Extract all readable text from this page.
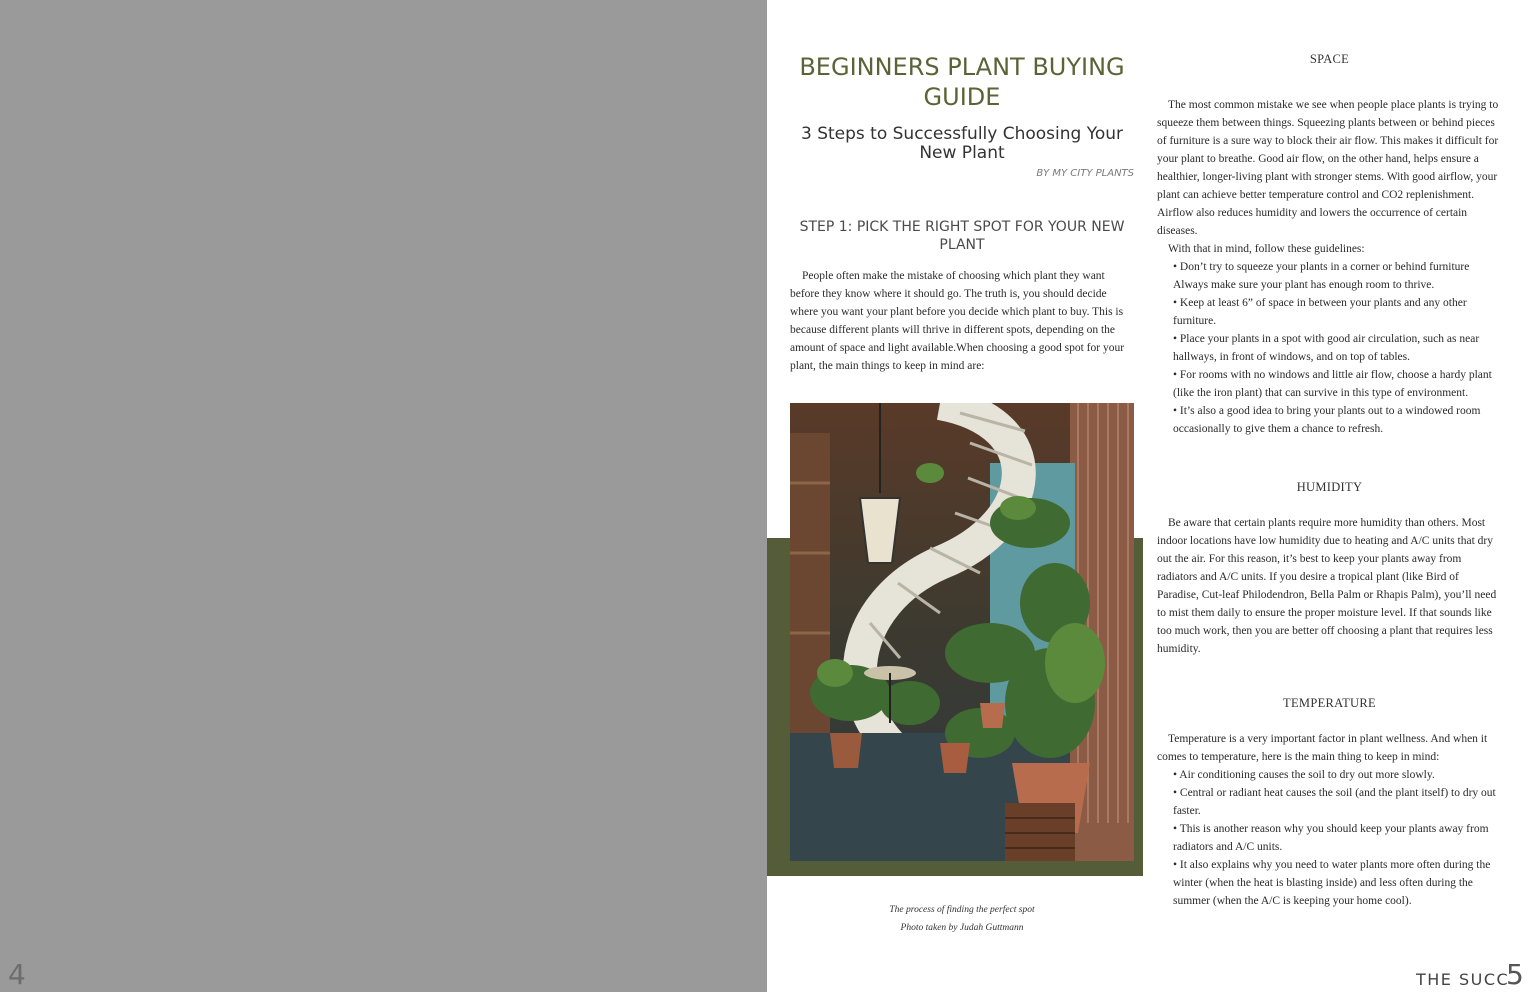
4
BEGINNERS PLANT BUYING GUIDE
3 Steps to Successfully Choosing Your New Plant
BY MY CITY PLANTS
STEP 1: PICK THE RIGHT SPOT FOR YOUR NEW PLANT

People often make the mistake of choosing which plant they want before they know where it should go. The truth is, you should decide where you want your plant before you decide which plant to buy. This is because different plants will thrive in different spots, depending on the amount of space and light available.When choosing a good spot for your plant, the main things to keep in mind are:

The process of finding the perfect spot
Photo taken by Judah Guttmann

SPACE

The most common mistake we see when people place plants is trying to squeeze them between things. Squeezing plants between or behind pieces of furniture is a sure way to block their air flow. This makes it difficult for your plant to breathe. Good air flow, on the other hand, helps ensure a healthier, longer-living plant with stronger stems. With good airflow, your plant can achieve better temperature control and CO2 replenishment. Airflow also reduces humidity and lowers the occurrence of certain diseases.

With that in mind, follow these guidelines:

• Don’t try to squeeze your plants in a corner or behind furniture Always make sure your plant has enough room to thrive.
• Keep at least 6” of space in between your plants and any other furniture.
• Place your plants in a spot with good air circulation, such as near hallways, in front of windows, and on top of tables.
• For rooms with no windows and little air flow, choose a hardy plant (like the iron plant) that can survive in this type of environment.
• It’s also a good idea to bring your plants out to a windowed room occasionally to give them a chance to refresh.

HUMIDITY

Be aware that certain plants require more humidity than others. Most indoor locations have low humidity due to heating and A/C units that dry out the air. For this reason, it’s best to keep your plants away from radiators and A/C units. If you desire a tropical plant (like Bird of Paradise, Cut-leaf Philodendron, Bella Palm or Rhapis Palm), you’ll need to mist them daily to ensure the proper moisture level. If that sounds like too much work, then you are better off choosing a plant that requires less humidity.

TEMPERATURE

Temperature is a very important factor in plant wellness. And when it comes to temperature, here is the main thing to keep in mind:

• Air conditioning causes the soil to dry out more slowly.
• Central or radiant heat causes the soil (and the plant itself) to dry out faster.
• This is another reason why you should keep your plants away from radiators and A/C units.
• It also explains why you need to water plants more often during the winter (when the heat is blasting inside) and less often during the summer (when the A/C is keeping your home cool).
THE SUCC
5
